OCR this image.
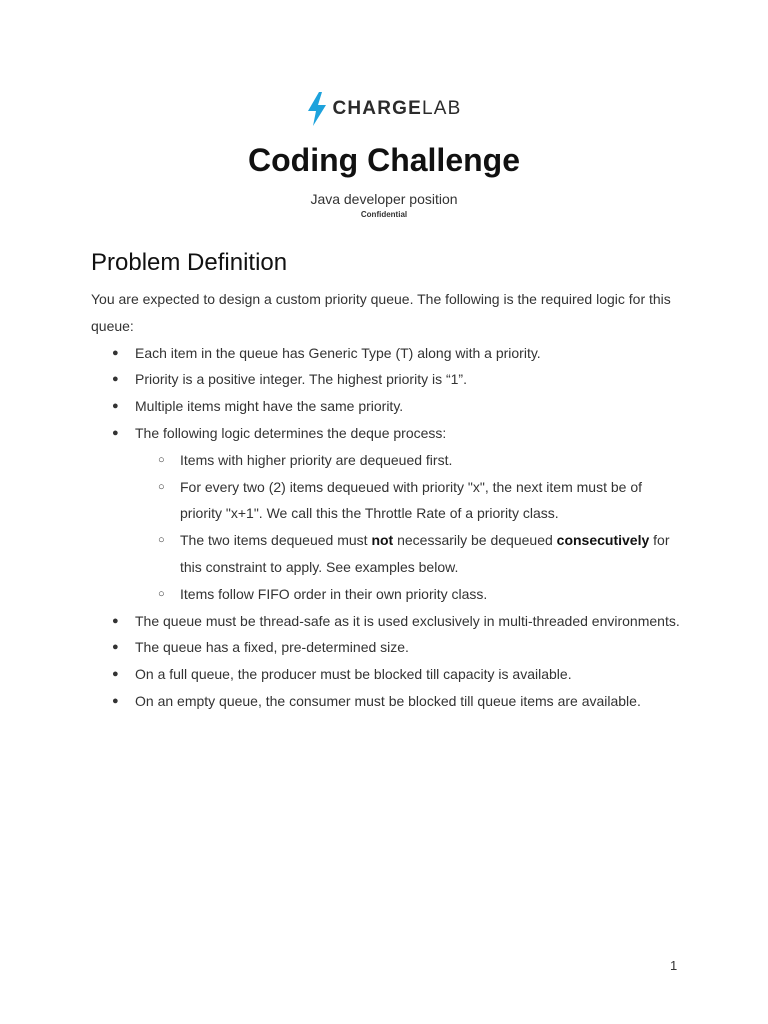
CHARGELAB
Coding Challenge
Java developer position
Confidential
Problem Definition

You are expected to design a custom priority queue. The following is the required logic for this queue:

● Each item in the queue has Generic Type (T) along with a priority.
● Priority is a positive integer. The highest priority is “1”.
● Multiple items might have the same priority.
● The following logic determines the deque process:
○ Items with higher priority are dequeued first.
○ For every two (2) items dequeued with priority "x", the next item must be of priority "x+1". We call this the Throttle Rate of a priority class.
○ The two items dequeued must not necessarily be dequeued consecutively for this constraint to apply. See examples below.
○ Items follow FIFO order in their own priority class.
● The queue must be thread-safe as it is used exclusively in multi-threaded environments.
● The queue has a fixed, pre-determined size.
● On a full queue, the producer must be blocked till capacity is available.
● On an empty queue, the consumer must be blocked till queue items are available.
1
